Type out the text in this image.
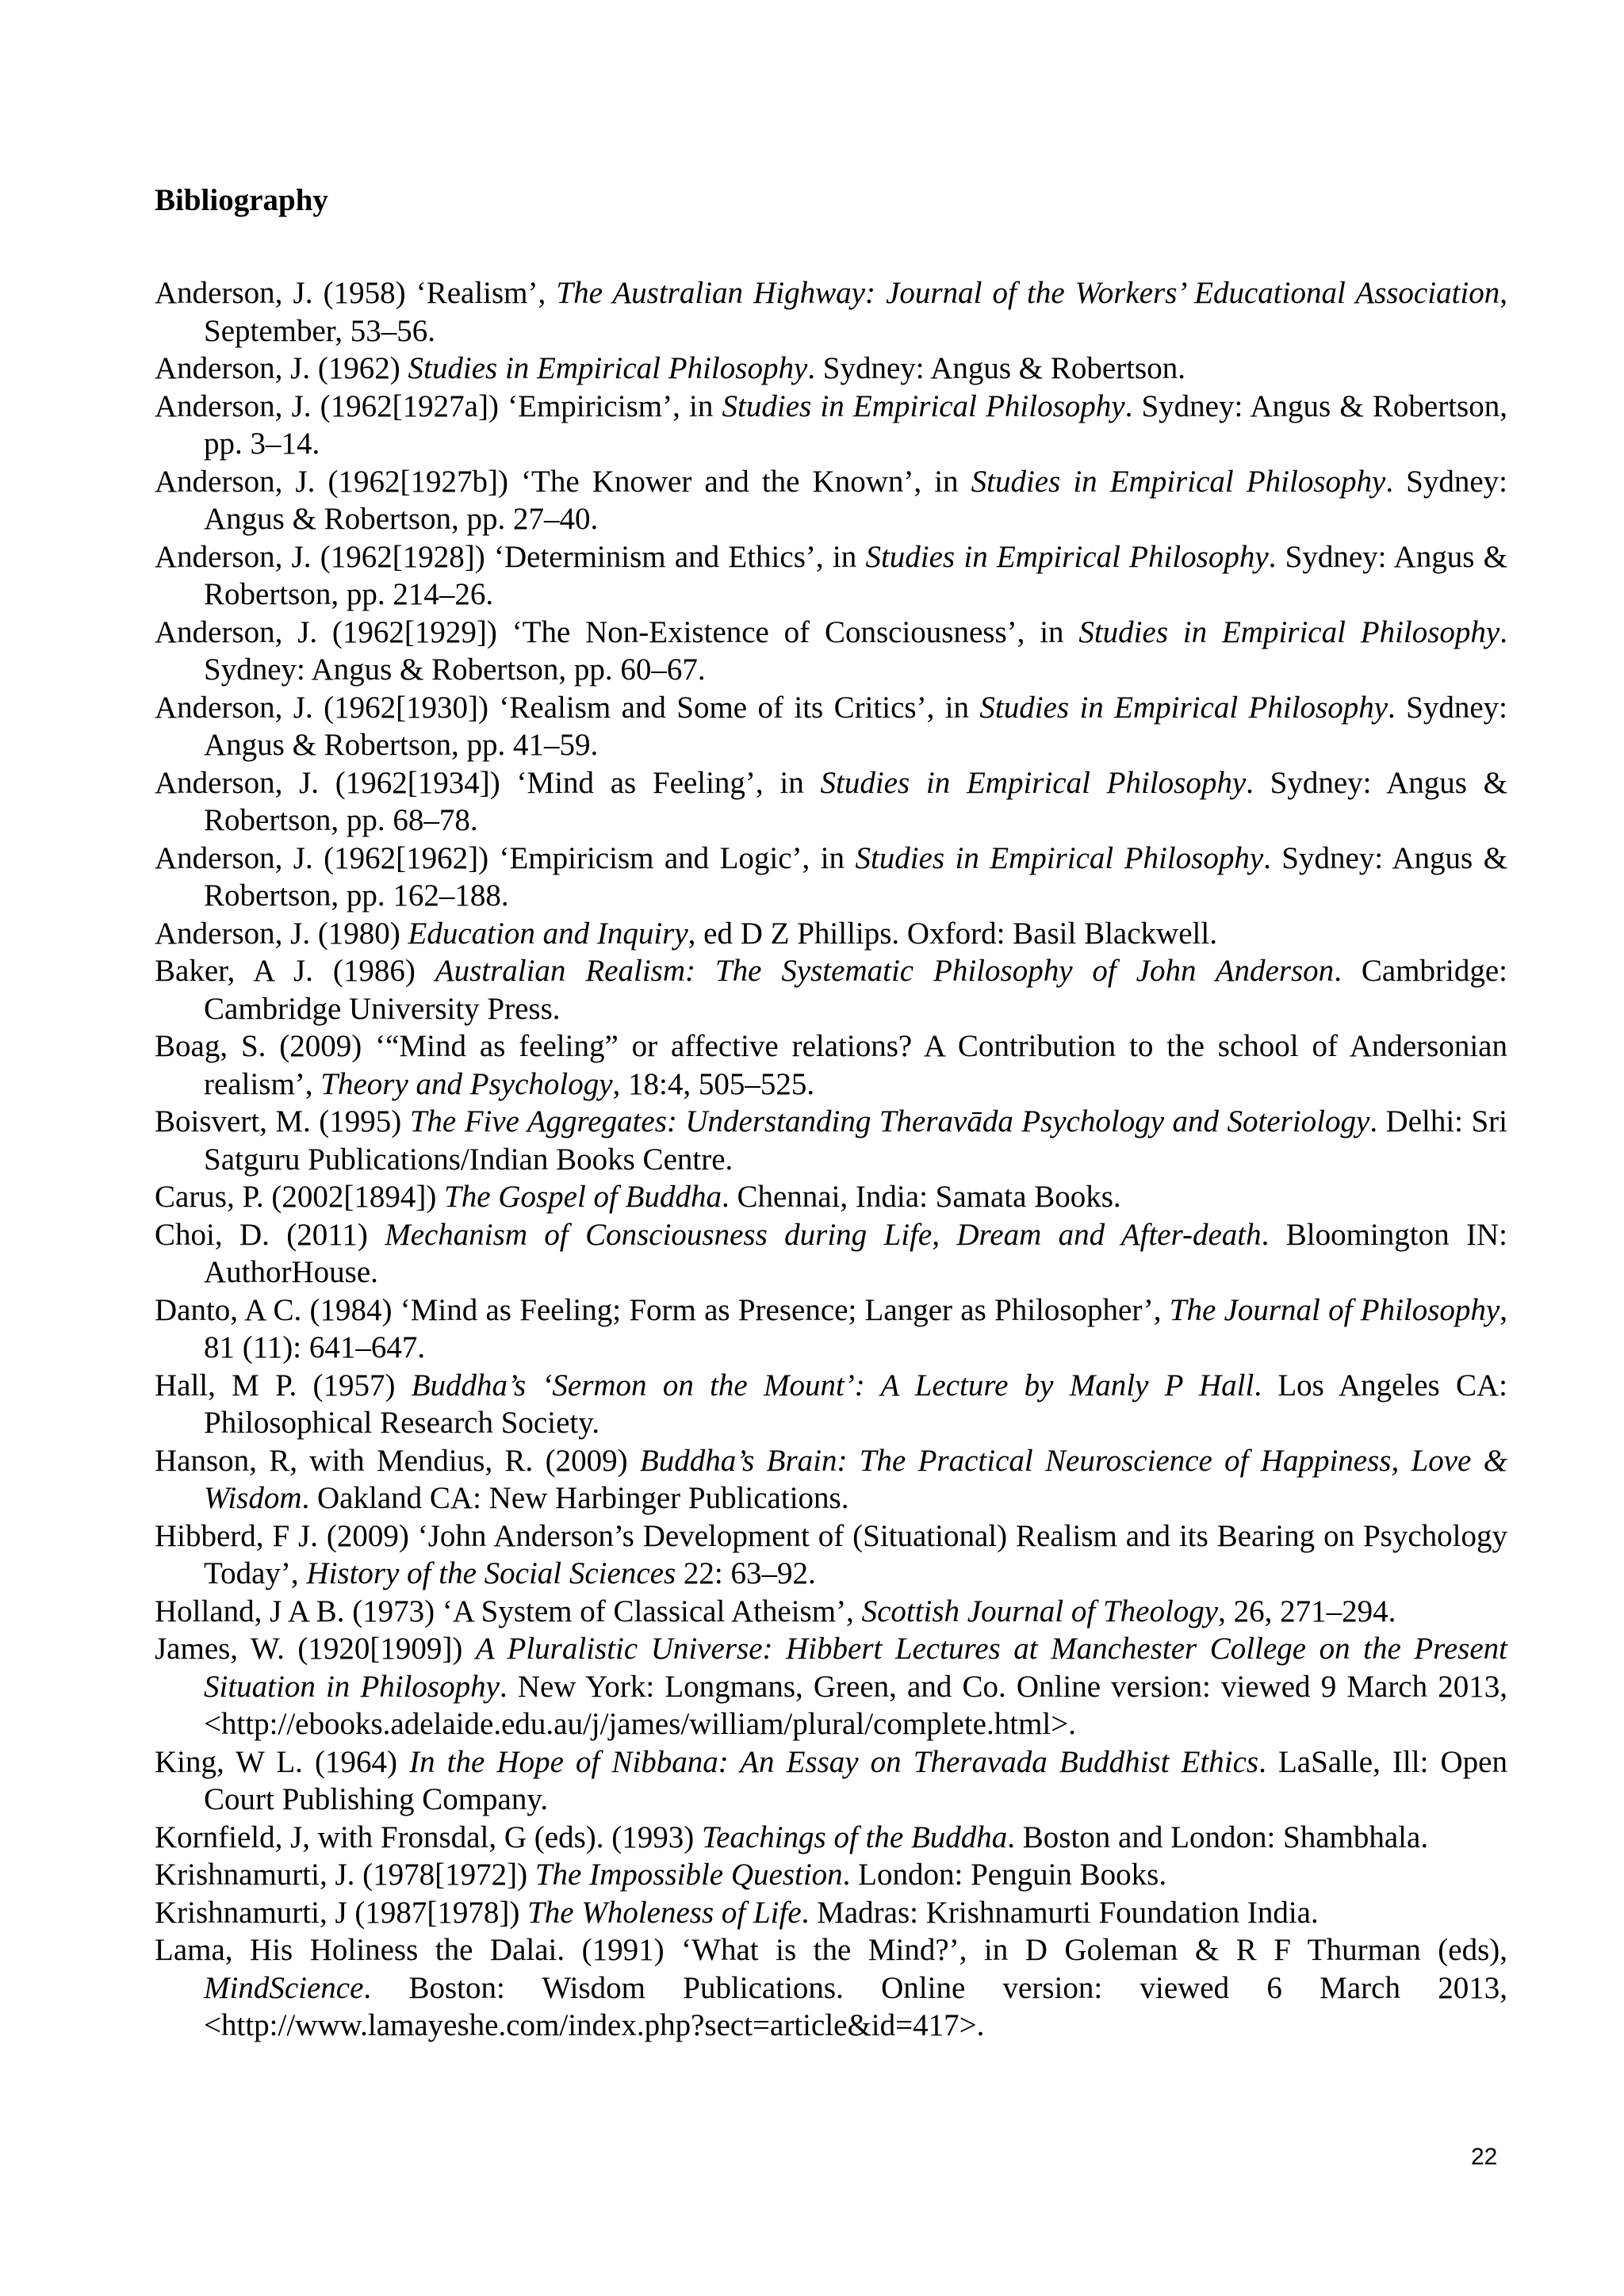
Bibliography
Anderson, J. (1958) ‘Realism’, The Australian Highway: Journal of the Workers’ Educational Association, September, 53–56.
Anderson, J. (1962) Studies in Empirical Philosophy. Sydney: Angus & Robertson.
Anderson, J. (1962[1927a]) ‘Empiricism’, in Studies in Empirical Philosophy. Sydney: Angus & Robertson, pp. 3–14.
Anderson, J. (1962[1927b]) ‘The Knower and the Known’, in Studies in Empirical Philosophy. Sydney: Angus & Robertson, pp. 27–40.
Anderson, J. (1962[1928]) ‘Determinism and Ethics’, in Studies in Empirical Philosophy. Sydney: Angus & Robertson, pp. 214–26.
Anderson, J. (1962[1929]) ‘The Non-Existence of Consciousness’, in Studies in Empirical Philosophy. Sydney: Angus & Robertson, pp. 60–67.
Anderson, J. (1962[1930]) ‘Realism and Some of its Critics’, in Studies in Empirical Philosophy. Sydney: Angus & Robertson, pp. 41–59.
Anderson, J. (1962[1934]) ‘Mind as Feeling’, in Studies in Empirical Philosophy. Sydney: Angus & Robertson, pp. 68–78.
Anderson, J. (1962[1962]) ‘Empiricism and Logic’, in Studies in Empirical Philosophy. Sydney: Angus & Robertson, pp. 162–188.
Anderson, J. (1980) Education and Inquiry, ed D Z Phillips. Oxford: Basil Blackwell.
Baker, A J. (1986) Australian Realism: The Systematic Philosophy of John Anderson. Cambridge: Cambridge University Press.
Boag, S. (2009) ‘“Mind as feeling” or affective relations? A Contribution to the school of Andersonian realism’, Theory and Psychology, 18:4, 505–525.
Boisvert, M. (1995) The Five Aggregates: Understanding Theravāda Psychology and Soteriology. Delhi: Sri Satguru Publications/Indian Books Centre.
Carus, P. (2002[1894]) The Gospel of Buddha. Chennai, India: Samata Books.
Choi, D. (2011) Mechanism of Consciousness during Life, Dream and After-death. Bloomington IN: AuthorHouse.
Danto, A C. (1984) ‘Mind as Feeling; Form as Presence; Langer as Philosopher’, The Journal of Philosophy, 81 (11): 641–647.
Hall, M P. (1957) Buddha’s ‘Sermon on the Mount’: A Lecture by Manly P Hall. Los Angeles CA: Philosophical Research Society.
Hanson, R, with Mendius, R. (2009) Buddha’s Brain: The Practical Neuroscience of Happiness, Love & Wisdom. Oakland CA: New Harbinger Publications.
Hibberd, F J. (2009) ‘John Anderson’s Development of (Situational) Realism and its Bearing on Psychology Today’, History of the Social Sciences 22: 63–92.
Holland, J A B. (1973) ‘A System of Classical Atheism’, Scottish Journal of Theology, 26, 271–294.
James, W. (1920[1909]) A Pluralistic Universe: Hibbert Lectures at Manchester College on the Present Situation in Philosophy. New York: Longmans, Green, and Co. Online version: viewed 9 March 2013, <http://ebooks.adelaide.edu.au/j/james/william/plural/complete.html>.
King, W L. (1964) In the Hope of Nibbana: An Essay on Theravada Buddhist Ethics. LaSalle, Ill: Open Court Publishing Company.
Kornfield, J, with Fronsdal, G (eds). (1993) Teachings of the Buddha. Boston and London: Shambhala.
Krishnamurti, J. (1978[1972]) The Impossible Question. London: Penguin Books.
Krishnamurti, J (1987[1978]) The Wholeness of Life. Madras: Krishnamurti Foundation India.
Lama, His Holiness the Dalai. (1991) ‘What is the Mind?’, in D Goleman & R F Thurman (eds), MindScience. Boston: Wisdom Publications. Online version: viewed 6 March 2013, <http://www.lamayeshe.com/index.php?sect=article&id=417>.
22
